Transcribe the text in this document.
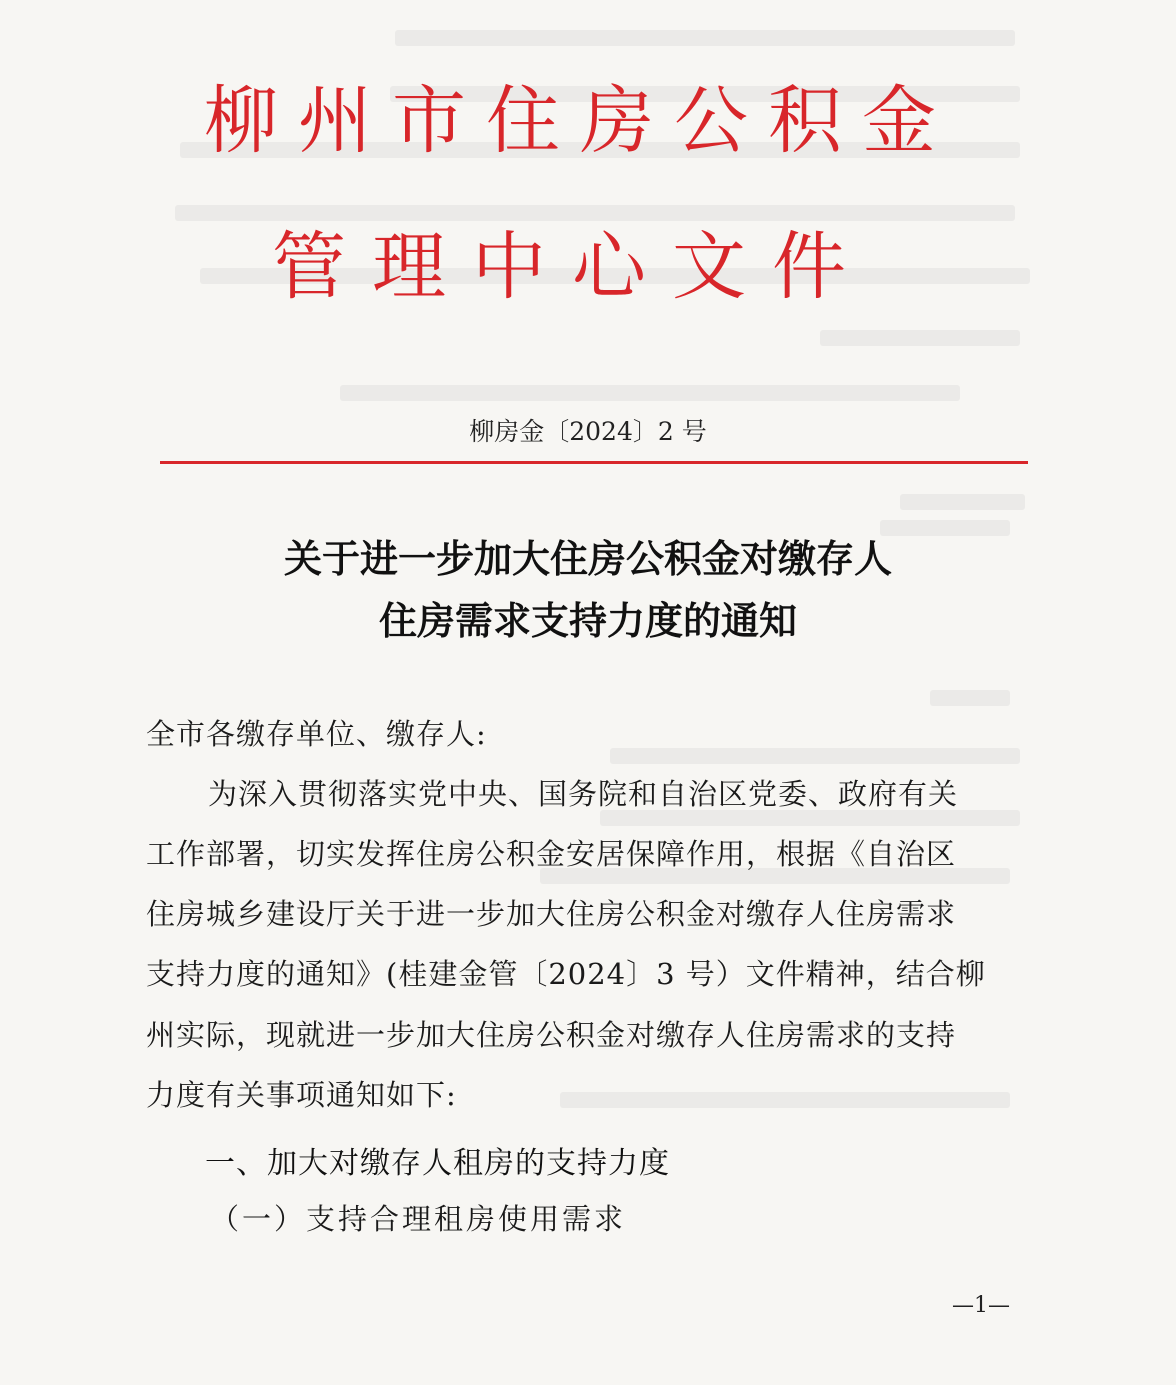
柳州市住房公积金
管理中心文件
柳房金〔2024〕2 号
关于进一步加大住房公积金对缴存人
住房需求支持力度的通知
全市各缴存单位、缴存人:
为深入贯彻落实党中央、国务院和自治区党委、政府有关
工作部署，切实发挥住房公积金安居保障作用，根据《自治区
住房城乡建设厅关于进一步加大住房公积金对缴存人住房需求
支持力度的通知》(桂建金管〔2024〕3 号）文件精神，结合柳
州实际，现就进一步加大住房公积金对缴存人住房需求的支持
力度有关事项通知如下:
一、加大对缴存人租房的支持力度
（一）支持合理租房使用需求
—1—
